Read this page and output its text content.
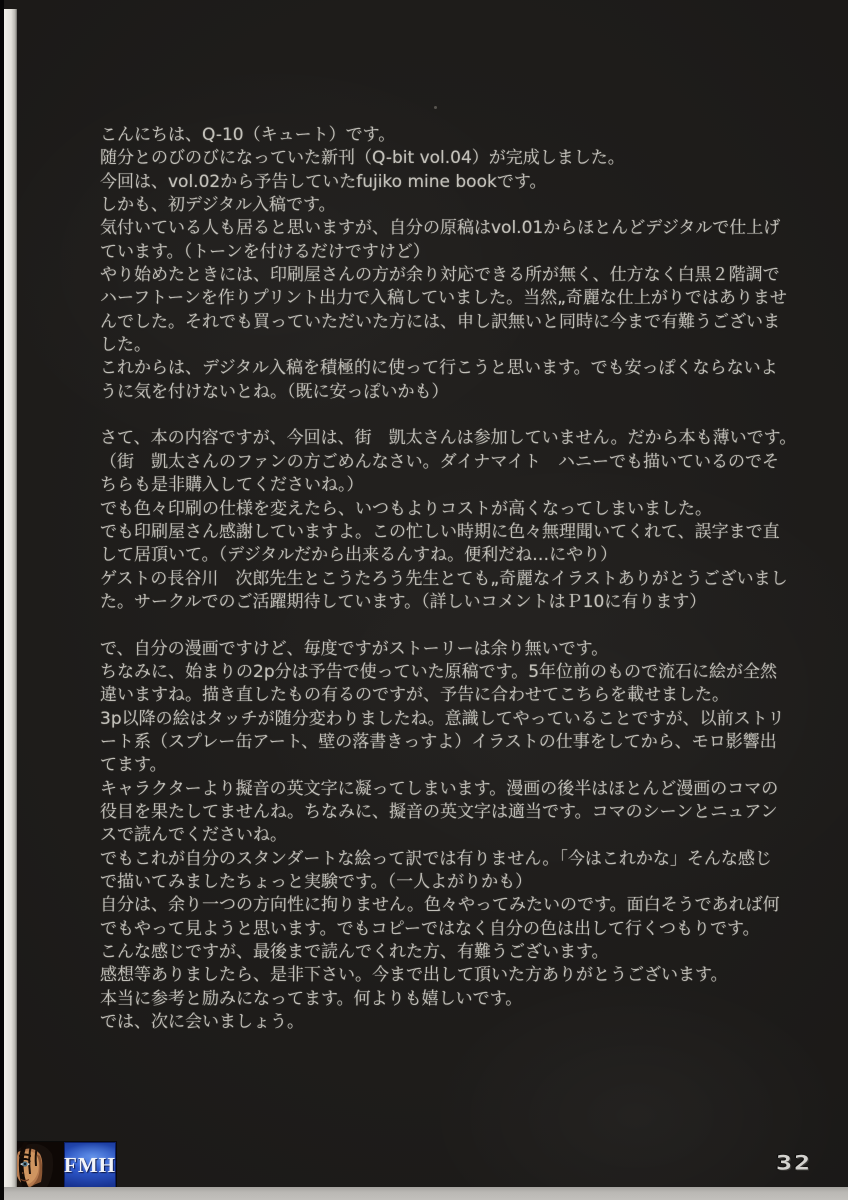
こんにちは、Q-10（キュート）です。
随分とのびのびになっていた新刊（Q-bit vol.04）が完成しました。
今回は、vol.02から予告していたfujiko mine bookです。
しかも、初デジタル入稿です。
気付いている人も居ると思いますが、自分の原稿はvol.01からほとんどデジタルで仕上げ
ています。（トーンを付けるだけですけど）
やり始めたときには、印刷屋さんの方が余り対応できる所が無く、仕方なく白黒２階調で
ハーフトーンを作りプリント出力で入稿していました。当然„奇麗な仕上がりではありませ
んでした。それでも買っていただいた方には、申し訳無いと同時に今まで有難うございま
した。
これからは、デジタル入稿を積極的に使って行こうと思います。でも安っぽくならないよ
うに気を付けないとね。（既に安っぽいかも）
さて、本の内容ですが、今回は、街　凱太さんは参加していません。だから本も薄いです。
（街　凱太さんのファンの方ごめんなさい。ダイナマイト　ハニーでも描いているのでそ
ちらも是非購入してくださいね。）
でも色々印刷の仕様を変えたら、いつもよりコストが高くなってしまいました。
でも印刷屋さん感謝していますよ。この忙しい時期に色々無理聞いてくれて、誤字まで直
して居頂いて。（デジタルだから出来るんすね。便利だね…にやり）
ゲストの長谷川　次郎先生とこうたろう先生とても„奇麗なイラストありがとうございまし
た。サークルでのご活躍期待しています。（詳しいコメントはＰ10に有ります）
で、自分の漫画ですけど、毎度ですがストーリーは余り無いです。
ちなみに、始まりの2p分は予告で使っていた原稿です。5年位前のもので流石に絵が全然
違いますね。描き直したもの有るのですが、予告に合わせてこちらを載せました。
3p以降の絵はタッチが随分変わりましたね。意識してやっていることですが、以前ストリ
ート系（スプレー缶アート、壁の落書きっすよ）イラストの仕事をしてから、モロ影響出
てます。
キャラクターより擬音の英文字に凝ってしまいます。漫画の後半はほとんど漫画のコマの
役目を果たしてませんね。ちなみに、擬音の英文字は適当です。コマのシーンとニュアン
スで読んでくださいね。
でもこれが自分のスタンダートな絵って訳では有りません。「今はこれかな」そんな感じ
で描いてみましたちょっと実験です。（一人よがりかも）
自分は、余り一つの方向性に拘りません。色々やってみたいのです。面白そうであれば何
でもやって見ようと思います。でもコピーではなく自分の色は出して行くつもりです。
こんな感じですが、最後まで読んでくれた方、有難うございます。
感想等ありましたら、是非下さい。今まで出して頂いた方ありがとうございます。
本当に参考と励みになってます。何よりも嬉しいです。
では、次に会いましょう。
FMH	32
